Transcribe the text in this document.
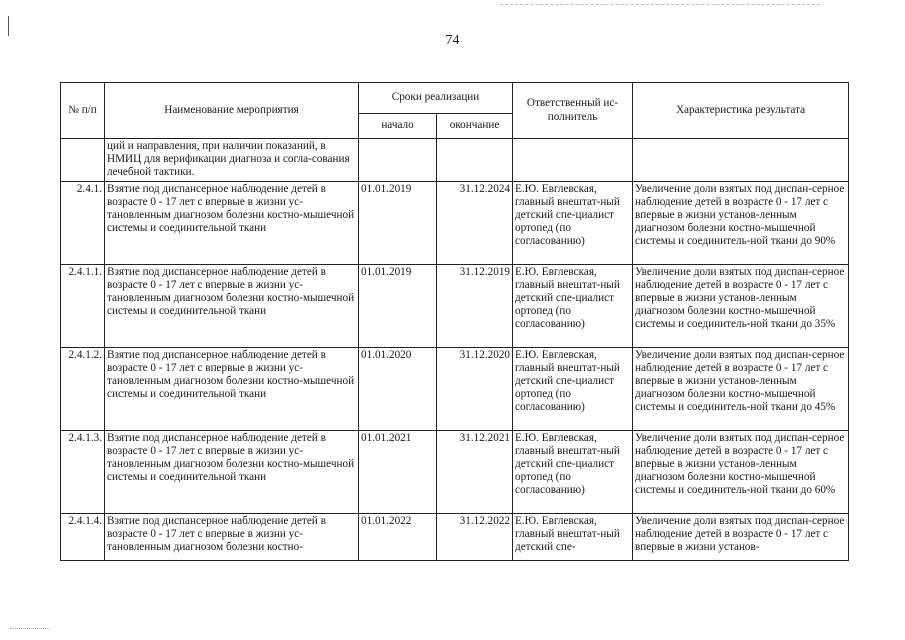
74
№ п/п	Наименование мероприятия	Сроки реализации		Ответственный ис-полнитель	Характеристика результата
		начало	окончание		
	ций и направления, при наличии показаний, в НМИЦ для верификации диагноза и согла-сования лечебной тактики.				
2.4.1.	Взятие под диспансерное наблюдение детей в возрасте 0 - 17 лет с впервые в жизни ус-тановленным диагнозом болезни костно-мышечной системы и соединительной ткани	01.01.2019	31.12.2024	Е.Ю. Евглевская, главный внештат-ный детский спе-циалист ортопед (по согласованию)	Увеличение доли взятых под диспан-серное наблюдение детей в возрасте 0 - 17 лет с впервые в жизни установ-ленным диагнозом болезни костно-мышечной системы и соединитель-ной ткани до 90%
2.4.1.1.	Взятие под диспансерное наблюдение детей в возрасте 0 - 17 лет с впервые в жизни ус-тановленным диагнозом болезни костно-мышечной системы и соединительной ткани	01.01.2019	31.12.2019	Е.Ю. Евглевская, главный внештат-ный детский спе-циалист ортопед (по согласованию)	Увеличение доли взятых под диспан-серное наблюдение детей в возрасте 0 - 17 лет с впервые в жизни установ-ленным диагнозом болезни костно-мышечной системы и соединитель-ной ткани до 35%
2.4.1.2.	Взятие под диспансерное наблюдение детей в возрасте 0 - 17 лет с впервые в жизни ус-тановленным диагнозом болезни костно-мышечной системы и соединительной ткани	01.01.2020	31.12.2020	Е.Ю. Евглевская, главный внештат-ный детский спе-циалист ортопед (по согласованию)	Увеличение доли взятых под диспан-серное наблюдение детей в возрасте 0 - 17 лет с впервые в жизни установ-ленным диагнозом болезни костно-мышечной системы и соединитель-ной ткани до 45%
2.4.1.3.	Взятие под диспансерное наблюдение детей в возрасте 0 - 17 лет с впервые в жизни ус-тановленным диагнозом болезни костно-мышечной системы и соединительной ткани	01.01.2021	31.12.2021	Е.Ю. Евглевская, главный внештат-ный детский спе-циалист ортопед (по согласованию)	Увеличение доли взятых под диспан-серное наблюдение детей в возрасте 0 - 17 лет с впервые в жизни установ-ленным диагнозом болезни костно-мышечной системы и соединитель-ной ткани до 60%
2.4.1.4.	Взятие под диспансерное наблюдение детей в возрасте 0 - 17 лет с впервые в жизни ус-тановленным диагнозом болезни костно-	01.01.2022	31.12.2022	Е.Ю. Евглевская, главный внештат-ный детский спе-	Увеличение доли взятых под диспан-серное наблюдение детей в возрасте 0 - 17 лет с впервые в жизни установ-
